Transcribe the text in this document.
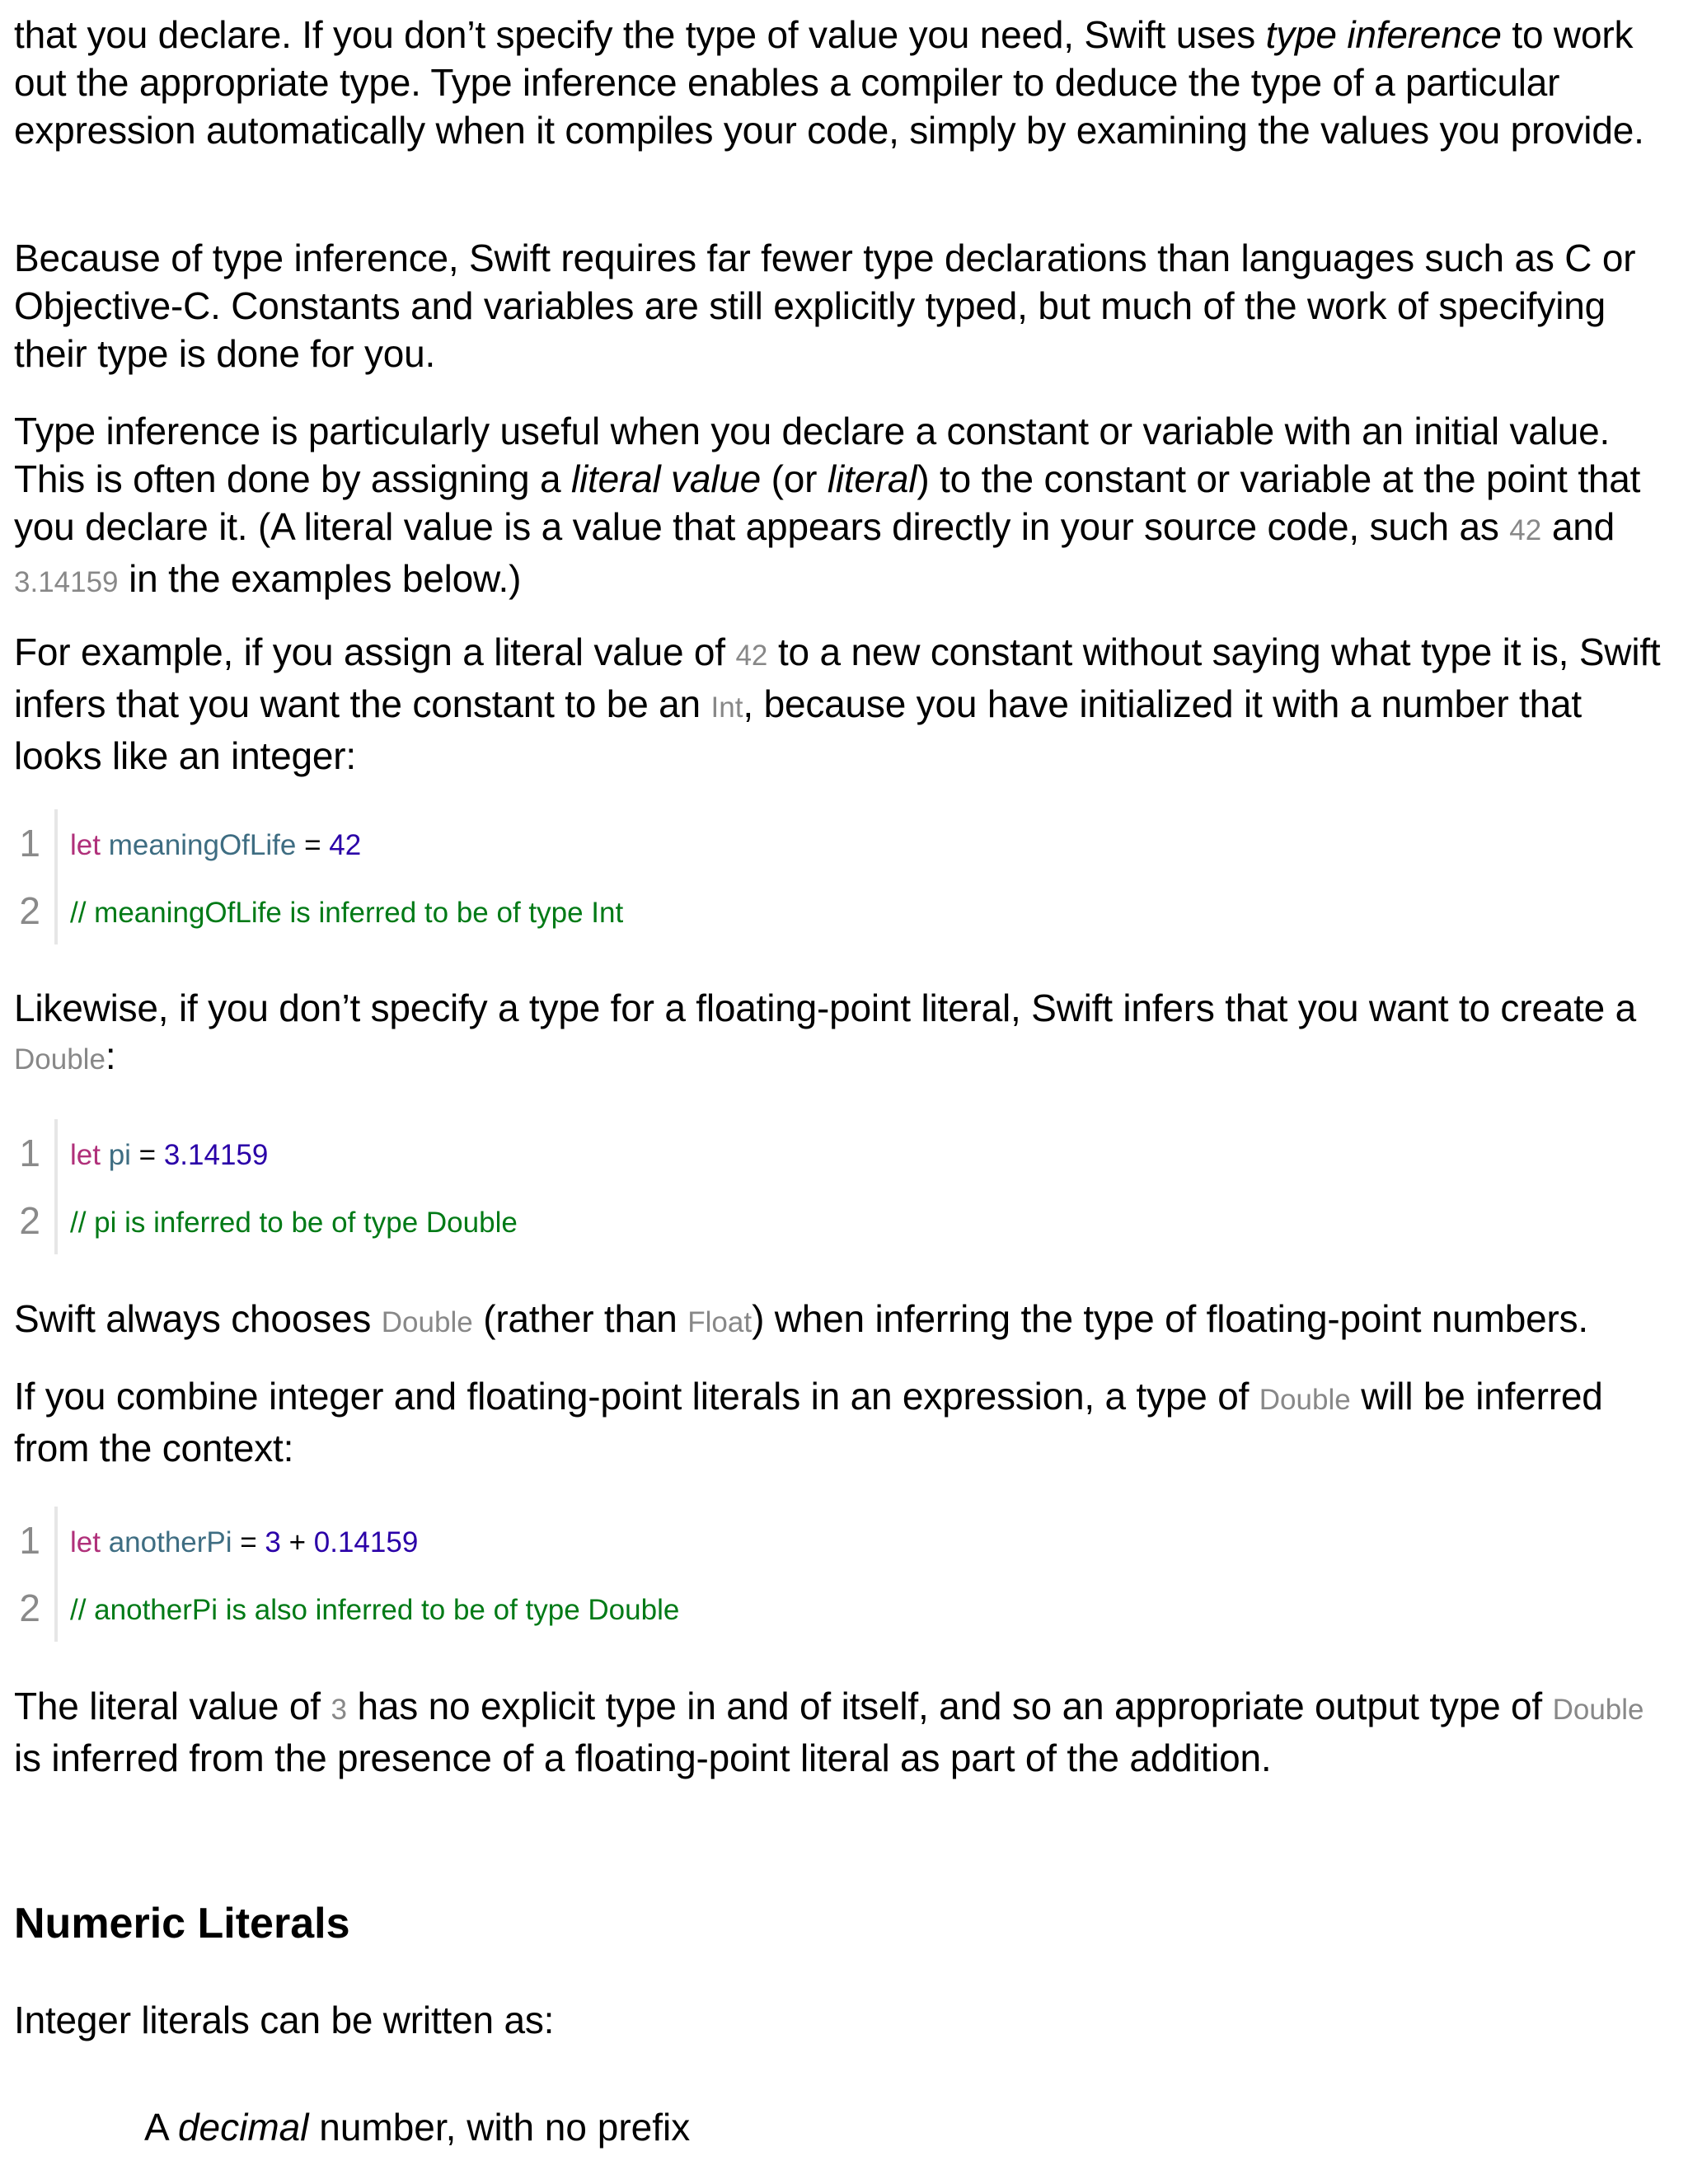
that you declare. If you don’t specify the type of value you need, Swift uses type inference to work out the appropriate type. Type inference enables a compiler to deduce the type of a particular expression automatically when it compiles your code, simply by examining the values you provide.

Because of type inference, Swift requires far fewer type declarations than languages such as C or Objective-C. Constants and variables are still explicitly typed, but much of the work of specifying their type is done for you.

Type inference is particularly useful when you declare a constant or variable with an initial value. This is often done by assigning a literal value (or literal) to the constant or variable at the point that you declare it. (A literal value is a value that appears directly in your source code, such as 42 and 3.14159 in the examples below.)

For example, if you assign a literal value of 42 to a new constant without saying what type it is, Swift infers that you want the constant to be an Int, because you have initialized it with a number that looks like an integer:

1 let meaningOfLife = 42
2 // meaningOfLife is inferred to be of type Int

Likewise, if you don’t specify a type for a floating-point literal, Swift infers that you want to create a Double:

1 let pi = 3.14159
2 // pi is inferred to be of type Double

Swift always chooses Double (rather than Float) when inferring the type of floating-point numbers.

If you combine integer and floating-point literals in an expression, a type of Double will be inferred from the context:

1 let anotherPi = 3 + 0.14159
2 // anotherPi is also inferred to be of type Double

The literal value of 3 has no explicit type in and of itself, and so an appropriate output type of Double is inferred from the presence of a floating-point literal as part of the addition.

Numeric Literals

Integer literals can be written as:

A decimal number, with no prefix
